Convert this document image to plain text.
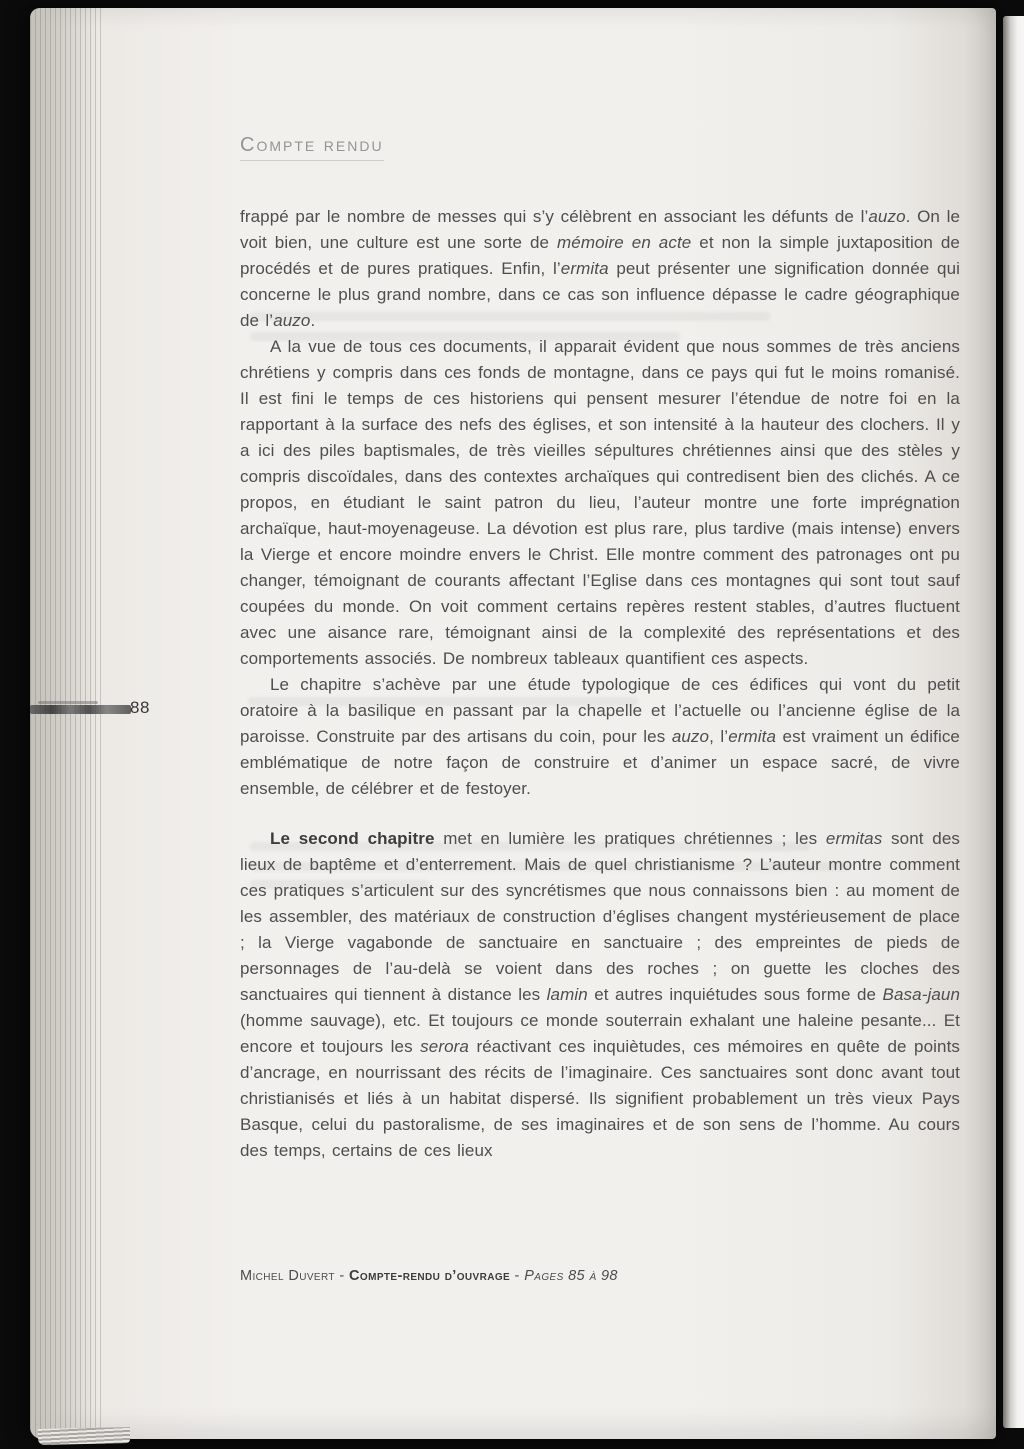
Compte rendu
88

frappé par le nombre de messes qui s’y célèbrent en associant les défunts de l’auzo. On le voit bien, une culture est une sorte de mémoire en acte et non la simple juxtaposition de procédés et de pures pratiques. Enfin, l’ermita peut présenter une signification donnée qui concerne le plus grand nombre, dans ce cas son influence dépasse le cadre géographique de l’auzo.

A la vue de tous ces documents, il apparait évident que nous sommes de très anciens chrétiens y compris dans ces fonds de montagne, dans ce pays qui fut le moins romanisé. Il est fini le temps de ces historiens qui pensent mesurer l’étendue de notre foi en la rapportant à la surface des nefs des églises, et son intensité à la hauteur des clochers. Il y a ici des piles baptismales, de très vieilles sépultures chrétiennes ainsi que des stèles y compris discoïdales, dans des contextes archaïques qui contredisent bien des clichés. A ce propos, en étudiant le saint patron du lieu, l’auteur montre une forte imprégnation archaïque, haut-moyenageuse. La dévotion est plus rare, plus tardive (mais intense) envers la Vierge et encore moindre envers le Christ. Elle montre comment des patronages ont pu changer, témoignant de courants affectant l’Eglise dans ces montagnes qui sont tout sauf coupées du monde. On voit comment certains repères restent stables, d’autres fluctuent avec une aisance rare, témoignant ainsi de la complexité des représentations et des comportements associés. De nombreux tableaux quantifient ces aspects.

Le chapitre s’achève par une étude typologique de ces édifices qui vont du petit oratoire à la basilique en passant par la chapelle et l’actuelle ou l’ancienne église de la paroisse. Construite par des artisans du coin, pour les auzo, l’ermita est vraiment un édifice emblématique de notre façon de construire et d’animer un espace sacré, de vivre ensemble, de célébrer et de festoyer.

Le second chapitre met en lumière les pratiques chrétiennes ; les ermitas sont des lieux de baptême et d’enterrement. Mais de quel christianisme ? L’auteur montre comment ces pratiques s’articulent sur des syncrétismes que nous connaissons bien : au moment de les assembler, des matériaux de construction d’églises changent mystérieusement de place ; la Vierge vagabonde de sanctuaire en sanctuaire ; des empreintes de pieds de personnages de l’au-delà se voient dans des roches ; on guette les cloches des sanctuaires qui tiennent à distance les lamin et autres inquiétudes sous forme de Basa-jaun (homme sauvage), etc. Et toujours ce monde souterrain exhalant une haleine pesante... Et encore et toujours les serora réactivant ces inquiètudes, ces mémoires en quête de points d’ancrage, en nourrissant des récits de l’imaginaire. Ces sanctuaires sont donc avant tout christianisés et liés à un habitat dispersé. Ils signifient probablement un très vieux Pays Basque, celui du pastoralisme, de ses imaginaires et de son sens de l’homme. Au cours des temps, certains de ces lieux

Michel Duvert - Compte-rendu d’ouvrage - Pages 85 à 98
